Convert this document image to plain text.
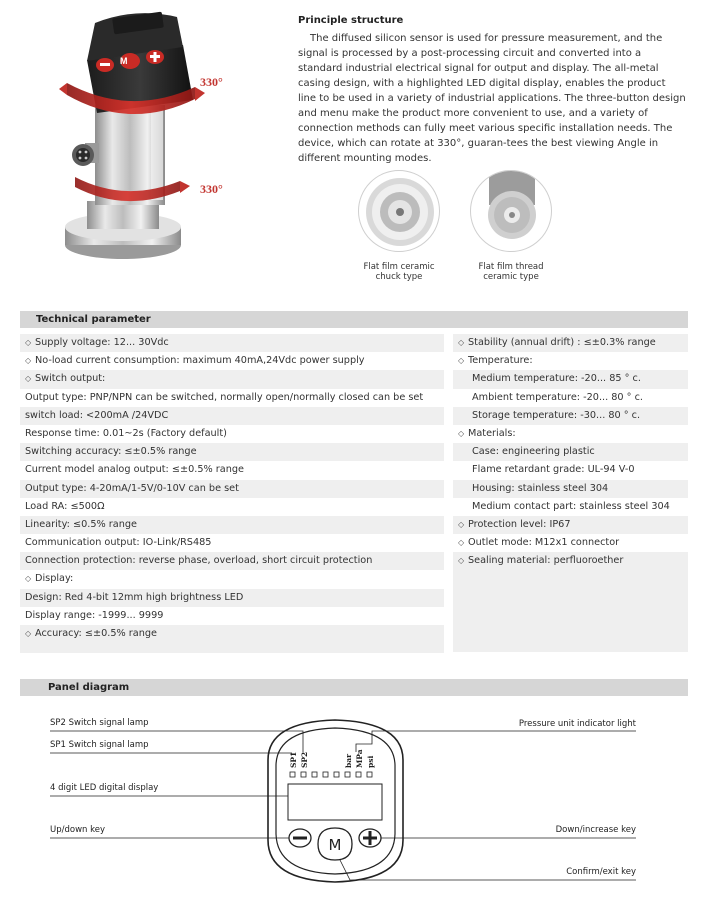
M
330°
330°
Principle structure

The diffused silicon sensor is used for pressure measurement, and the signal is processed by a post-processing circuit and converted into a standard industrial electrical signal for output and display. The all-metal casing design, with a highlighted LED digital display, enables the product line to be used in a variety of industrial applications. The three-button design and menu make the product more convenient to use, and a variety of connection methods can fully meet various specific installation needs. The device, which can rotate at 330°, guaran-tees the best viewing Angle in different mounting modes.

Flat film ceramic
chuck type
Flat film thread
ceramic type
Technical parameter
◇ Supply voltage: 12... 30Vdc
◇ No-load current consumption: maximum 40mA,24Vdc power supply
◇ Switch output:
Output type: PNP/NPN can be switched, normally open/normally closed can be set
switch load: <200mA /24VDC
Response time: 0.01~2s (Factory default)
Switching accuracy: ≤±0.5% range
Current model analog output: ≤±0.5% range
Output type: 4-20mA/1-5V/0-10V can be set
Load RA: ≤500Ω
Linearity: ≤0.5% range
Communication output: IO-Link/RS485
Connection protection: reverse phase, overload, short circuit protection
◇ Display:
Design: Red 4-bit 12mm high brightness LED
Display range: -1999... 9999
◇ Accuracy: ≤±0.5% range
◇ Stability (annual drift) : ≤±0.3% range
◇ Temperature:
Medium temperature: -20... 85 ° c.
Ambient temperature: -20... 80 ° c.
Storage temperature: -30... 80 ° c.
◇ Materials:
Case: engineering plastic
Flame retardant grade: UL-94 V-0
Housing: stainless steel 304
Medium contact part: stainless steel 304
◇ Protection level: IP67
◇ Outlet mode: M12x1 connector
◇ Sealing material: perfluoroether
Panel diagram
SP1 SP2	bar MPa psi
M
SP2 Switch signal lamp
SP1 Switch signal lamp
4 digit LED digital display
Up/down key
Pressure unit indicator light
Down/increase key
Confirm/exit key
